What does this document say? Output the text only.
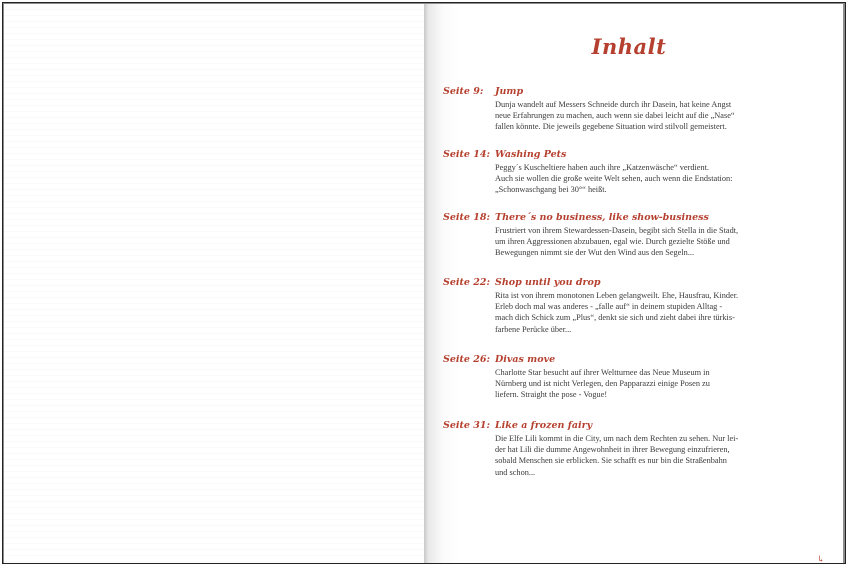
Inhalt
Seite 9: Jump
Dunja wandelt auf Messers Schneide durch ihr Dasein, hat keine Angst
neue Erfahrungen zu machen, auch wenn sie dabei leicht auf die „Nase“
fallen könnte. Die jeweils gegebene Situation wird stilvoll gemeistert.
Seite 14: Washing Pets
Peggy´s Kuscheltiere haben auch ihre „Katzenwäsche“ verdient.
Auch sie wollen die große weite Welt sehen, auch wenn die Endstation:
„Schonwaschgang bei 30°“ heißt.
Seite 18: There´s no business, like show-business
Frustriert von ihrem Stewardessen-Dasein, begibt sich Stella in die Stadt,
um ihren Aggressionen abzubauen, egal wie. Durch gezielte Stöße und
Bewegungen nimmt sie der Wut den Wind aus den Segeln...
Seite 22: Shop until you drop
Rita ist von ihrem monotonen Leben gelangweilt. Ehe, Hausfrau, Kinder.
Erleb doch mal was anderes - „falle auf“ in deinem stupiden Alltag -
mach dich Schick zum „Plus“, denkt sie sich und zieht dabei ihre türkis-
farbene Perücke über...
Seite 26: Divas move
Charlotte Star besucht auf ihrer Weltturnee das Neue Museum in
Nürnberg und ist nicht Verlegen, den Papparazzi einige Posen zu
liefern. Straight the pose - Vogue!
Seite 31: Like a frozen fairy
Die Elfe Lili kommt in die City, um nach dem Rechten zu sehen. Nur lei-
der hat Lili die dumme Angewohnheit in ihrer Bewegung einzufrieren,
sobald Menschen sie erblicken. Sie schafft es nur bin die Straßenbahn
und schon...
↳
